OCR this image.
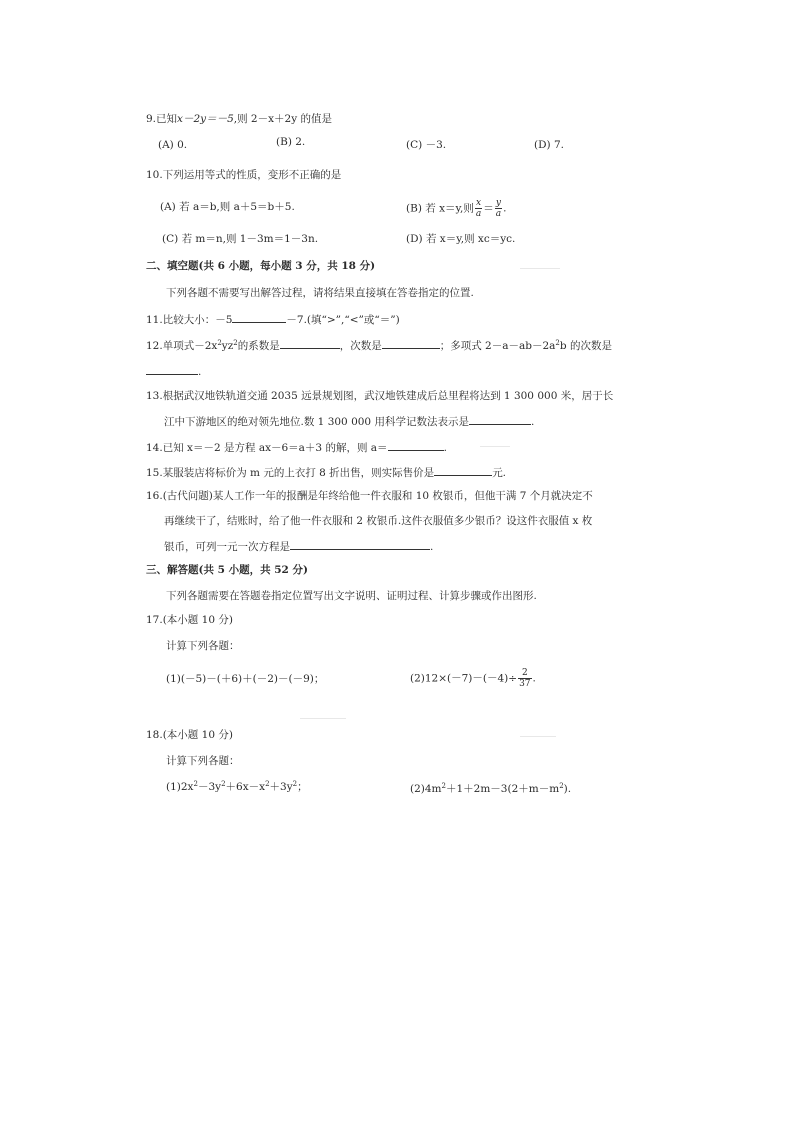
9.已知x－2y＝－5,则 2－x＋2y 的值是
(A) 0.	(B) 2.	(C) －3.	(D) 7.
10.下列运用等式的性质，变形不正确的是
(A) 若 a＝b,则 a＋5＝b＋5.	(B) 若 x＝y,则 $\frac{x}{a} = \frac{y}{a}$ .
(C) 若 m＝n,则 1－3m＝1－3n.	(D) 若 x＝y,则 xc＝yc.
二、填空题(共 6 小题，每小题 3 分，共 18 分)
下列各题不需要写出解答过程，请将结果直接填在答卷指定的位置.
11.比较大小：－5	－7.(填“>”,“<”或“＝”)
12.单项式$-2x^2yz^2$的系数是	，次数是	；多项式 $2-a-ab-2a^2b$ 的次数是
.
13.根据武汉地铁轨道交通 2035 远景规划图，武汉地铁建成后总里程将达到 1 300 000 米，居于长
江中下游地区的绝对领先地位.数 1 300 000 用科学记数法表示是	.
14.已知 x＝－2 是方程 ax－6＝a＋3 的解，则 a＝	.
15.某服装店将标价为 m 元的上衣打 8 折出售，则实际售价是	元.
16.(古代问题)某人工作一年的报酬是年终给他一件衣服和 10 枚银币，但他干满 7 个月就决定不
再继续干了，结账时，给了他一件衣服和 2 枚银币.这件衣服值多少银币？设这件衣服值 x 枚
银币，可列一元一次方程是	.
三、解答题(共 5 小题，共 52 分)
下列各题需要在答题卷指定位置写出文字说明、证明过程、计算步骤或作出图形.
17.(本小题 10 分)
计算下列各题：
(1)(－5)－(＋6)＋(－2)－(－9)；	$(2)12\times(-7)-(-4)\div \frac{2}{37}$ .
18.(本小题 10 分)
计算下列各题：
$(1)2x^2-3y^2+6x-x^2+3y^2$；	$(2)4m^2+1+2m-3(2+m-m^2)$.
